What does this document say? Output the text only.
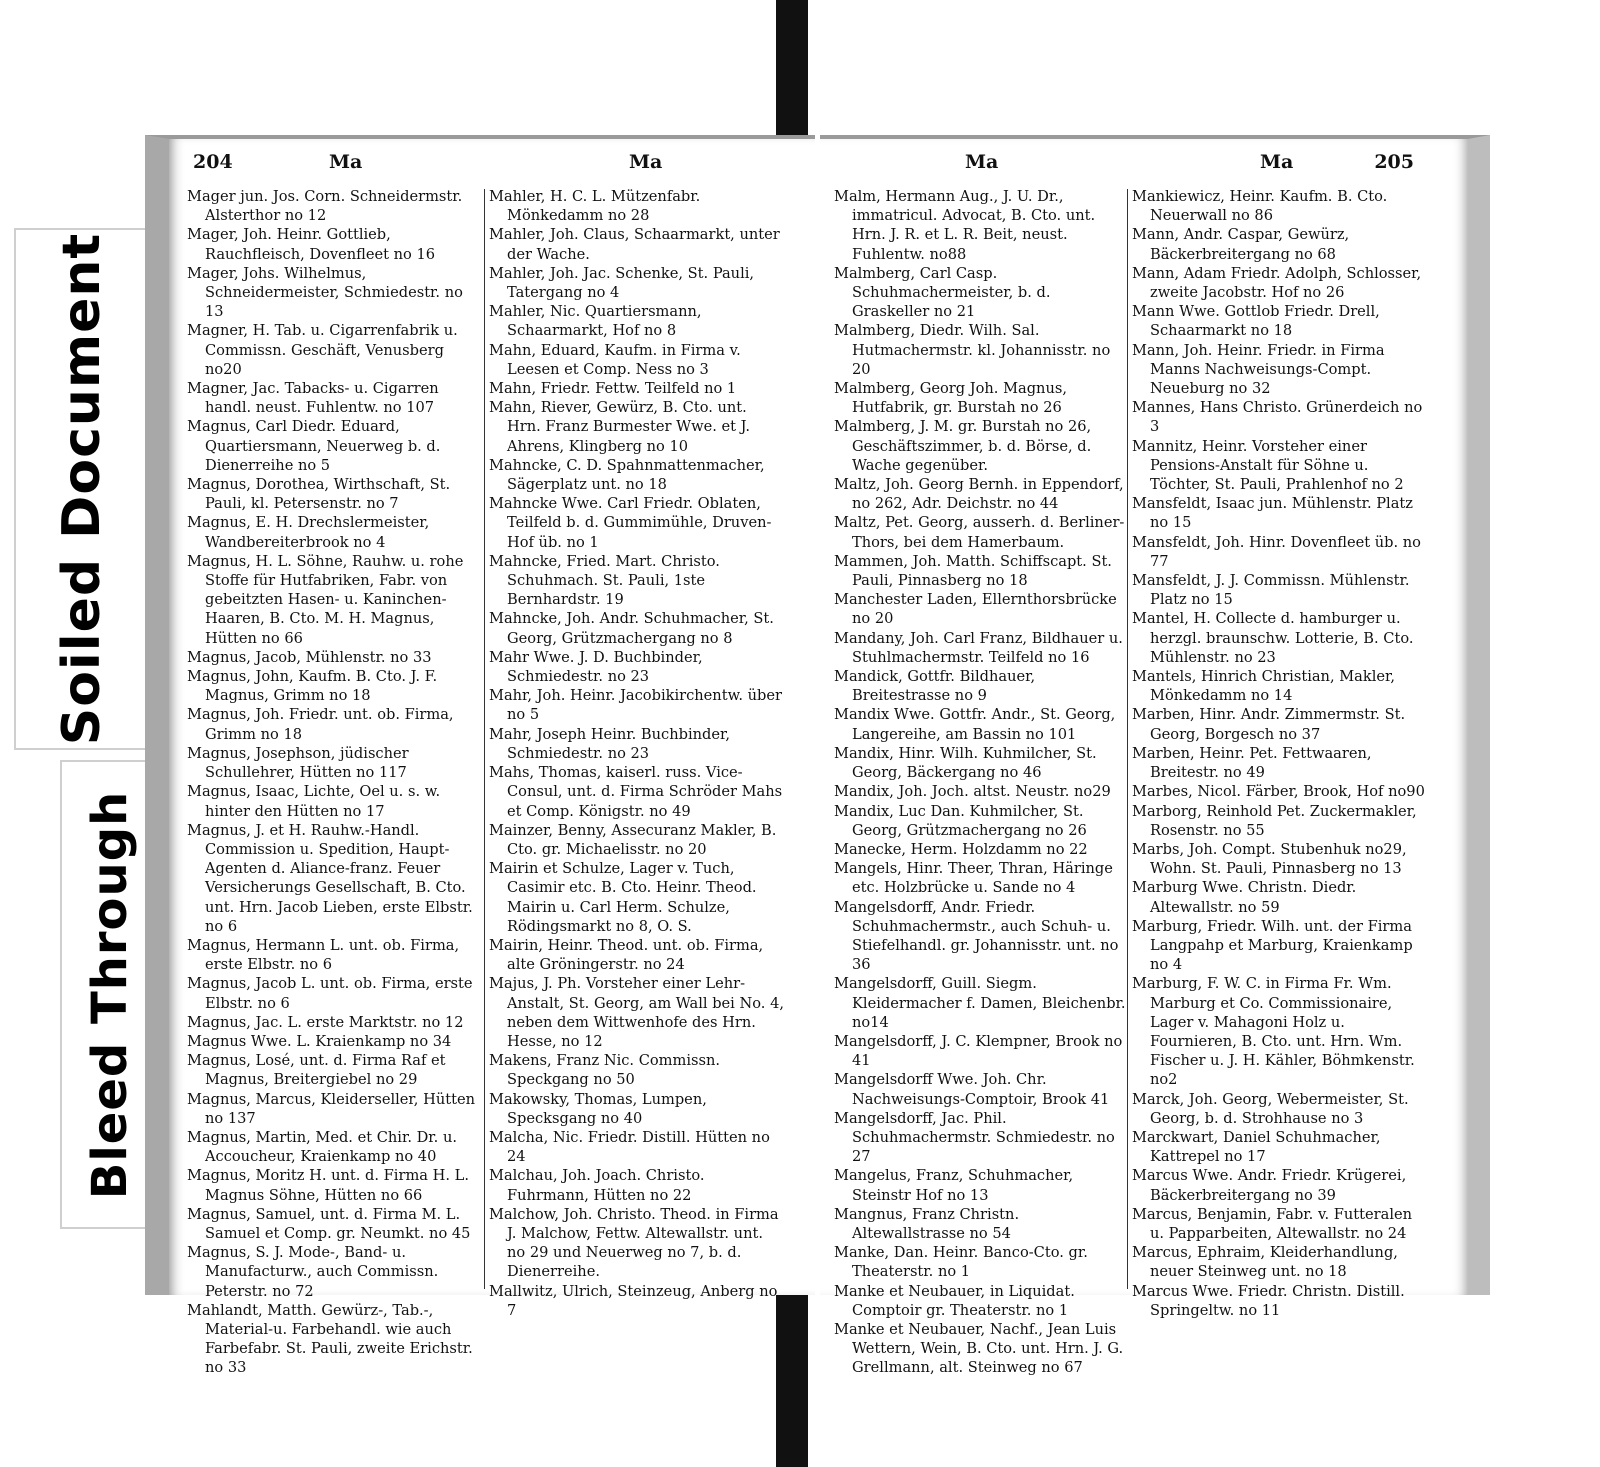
Soiled Document
Bleed Through
204	Ma	Ma
Mager jun. Jos. Corn. Schneidermstr. Alsterthor no 12
Mager, Joh. Heinr. Gottlieb, Rauchfleisch, Dovenfleet no 16
Mager, Johs. Wilhelmus, Schneidermeister, Schmiedestr. no 13
Magner, H. Tab. u. Cigarrenfabrik u. Commissn. Geschäft, Venusberg no20
Magner, Jac. Tabacks- u. Cigarren handl. neust. Fuhlentw. no 107
Magnus, Carl Diedr. Eduard, Quartiersmann, Neuerweg b. d. Dienerreihe no 5
Magnus, Dorothea, Wirthschaft, St. Pauli, kl. Petersenstr. no 7
Magnus, E. H. Drechslermeister, Wandbereiterbrook no 4
Magnus, H. L. Söhne, Rauhw. u. rohe Stoffe für Hutfabriken, Fabr. von gebeitzten Hasen- u. Kaninchen-Haaren, B. Cto. M. H. Magnus, Hütten no 66
Magnus, Jacob, Mühlenstr. no 33
Magnus, John, Kaufm. B. Cto. J. F. Magnus, Grimm no 18
Magnus, Joh. Friedr. unt. ob. Firma, Grimm no 18
Magnus, Josephson, jüdischer Schullehrer, Hütten no 117
Magnus, Isaac, Lichte, Oel u. s. w. hinter den Hütten no 17
Magnus, J. et H. Rauhw.-Handl. Commission u. Spedition, Haupt-Agenten d. Aliance-franz. Feuer Versicherungs Gesellschaft, B. Cto. unt. Hrn. Jacob Lieben, erste Elbstr. no 6
Magnus, Hermann L. unt. ob. Firma, erste Elbstr. no 6
Magnus, Jacob L. unt. ob. Firma, erste Elbstr. no 6
Magnus, Jac. L. erste Marktstr. no 12
Magnus Wwe. L. Kraienkamp no 34
Magnus, Losé, unt. d. Firma Raf et Magnus, Breitergiebel no 29
Magnus, Marcus, Kleiderseller, Hütten no 137
Magnus, Martin, Med. et Chir. Dr. u. Accoucheur, Kraienkamp no 40
Magnus, Moritz H. unt. d. Firma H. L. Magnus Söhne, Hütten no 66
Magnus, Samuel, unt. d. Firma M. L. Samuel et Comp. gr. Neumkt. no 45
Magnus, S. J. Mode-, Band- u. Manufacturw., auch Commissn. Peterstr. no 72
Mahlandt, Matth. Gewürz-, Tab.-, Material-u. Farbehandl. wie auch Farbefabr. St. Pauli, zweite Erichstr. no 33
Mahler, H. C. L. Mützenfabr. Mönkedamm no 28
Mahler, Joh. Claus, Schaarmarkt, unter der Wache.
Mahler, Joh. Jac. Schenke, St. Pauli, Tatergang no 4
Mahler, Nic. Quartiersmann, Schaarmarkt, Hof no 8
Mahn, Eduard, Kaufm. in Firma v. Leesen et Comp. Ness no 3
Mahn, Friedr. Fettw. Teilfeld no 1
Mahn, Riever, Gewürz, B. Cto. unt. Hrn. Franz Burmester Wwe. et J. Ahrens, Klingberg no 10
Mahncke, C. D. Spahnmattenmacher, Sägerplatz unt. no 18
Mahncke Wwe. Carl Friedr. Oblaten, Teilfeld b. d. Gummimühle, Druven-Hof üb. no 1
Mahncke, Fried. Mart. Christo. Schuhmach. St. Pauli, 1ste Bernhardstr. 19
Mahncke, Joh. Andr. Schuhmacher, St. Georg, Grützmachergang no 8
Mahr Wwe. J. D. Buchbinder, Schmiedestr. no 23
Mahr, Joh. Heinr. Jacobikirchentw. über no 5
Mahr, Joseph Heinr. Buchbinder, Schmiedestr. no 23
Mahs, Thomas, kaiserl. russ. Vice-Consul, unt. d. Firma Schröder Mahs et Comp. Königstr. no 49
Mainzer, Benny, Assecuranz Makler, B. Cto. gr. Michaelisstr. no 20
Mairin et Schulze, Lager v. Tuch, Casimir etc. B. Cto. Heinr. Theod. Mairin u. Carl Herm. Schulze, Rödingsmarkt no 8, O. S.
Mairin, Heinr. Theod. unt. ob. Firma, alte Gröningerstr. no 24
Majus, J. Ph. Vorsteher einer Lehr-Anstalt, St. Georg, am Wall bei No. 4, neben dem Wittwenhofe des Hrn. Hesse, no 12
Makens, Franz Nic. Commissn. Speckgang no 50
Makowsky, Thomas, Lumpen, Specksgang no 40
Malcha, Nic. Friedr. Distill. Hütten no 24
Malchau, Joh. Joach. Christo. Fuhrmann, Hütten no 22
Malchow, Joh. Christo. Theod. in Firma J. Malchow, Fettw. Altewallstr. unt. no 29 und Neuerweg no 7, b. d. Dienerreihe.
Mallwitz, Ulrich, Steinzeug, Anberg no 7
Ma	Ma	205
Malm, Hermann Aug., J. U. Dr., immatricul. Advocat, B. Cto. unt. Hrn. J. R. et L. R. Beit, neust. Fuhlentw. no88
Malmberg, Carl Casp. Schuhmachermeister, b. d. Graskeller no 21
Malmberg, Diedr. Wilh. Sal. Hutmachermstr. kl. Johannisstr. no 20
Malmberg, Georg Joh. Magnus, Hutfabrik, gr. Burstah no 26
Malmberg, J. M. gr. Burstah no 26, Geschäftszimmer, b. d. Börse, d. Wache gegenüber.
Maltz, Joh. Georg Bernh. in Eppendorf, no 262, Adr. Deichstr. no 44
Maltz, Pet. Georg, ausserh. d. Berliner-Thors, bei dem Hamerbaum.
Mammen, Joh. Matth. Schiffscapt. St. Pauli, Pinnasberg no 18
Manchester Laden, Ellernthorsbrücke no 20
Mandany, Joh. Carl Franz, Bildhauer u. Stuhlmachermstr. Teilfeld no 16
Mandick, Gottfr. Bildhauer, Breitestrasse no 9
Mandix Wwe. Gottfr. Andr., St. Georg, Langereihe, am Bassin no 101
Mandix, Hinr. Wilh. Kuhmilcher, St. Georg, Bäckergang no 46
Mandix, Joh. Joch. altst. Neustr. no29
Mandix, Luc Dan. Kuhmilcher, St. Georg, Grützmachergang no 26
Manecke, Herm. Holzdamm no 22
Mangels, Hinr. Theer, Thran, Häringe etc. Holzbrücke u. Sande no 4
Mangelsdorff, Andr. Friedr. Schuhmachermstr., auch Schuh- u. Stiefelhandl. gr. Johannisstr. unt. no 36
Mangelsdorff, Guill. Siegm. Kleidermacher f. Damen, Bleichenbr. no14
Mangelsdorff, J. C. Klempner, Brook no 41
Mangelsdorff Wwe. Joh. Chr. Nachweisungs-Comptoir, Brook 41
Mangelsdorff, Jac. Phil. Schuhmachermstr. Schmiedestr. no 27
Mangelus, Franz, Schuhmacher, Steinstr Hof no 13
Mangnus, Franz Christn. Altewallstrasse no 54
Manke, Dan. Heinr. Banco-Cto. gr. Theaterstr. no 1
Manke et Neubauer, in Liquidat. Comptoir gr. Theaterstr. no 1
Manke et Neubauer, Nachf., Jean Luis Wettern, Wein, B. Cto. unt. Hrn. J. G. Grellmann, alt. Steinweg no 67
Mankiewicz, Heinr. Kaufm. B. Cto. Neuerwall no 86
Mann, Andr. Caspar, Gewürz, Bäckerbreitergang no 68
Mann, Adam Friedr. Adolph, Schlosser, zweite Jacobstr. Hof no 26
Mann Wwe. Gottlob Friedr. Drell, Schaarmarkt no 18
Mann, Joh. Heinr. Friedr. in Firma Manns Nachweisungs-Compt. Neueburg no 32
Mannes, Hans Christo. Grünerdeich no 3
Mannitz, Heinr. Vorsteher einer Pensions-Anstalt für Söhne u. Töchter, St. Pauli, Prahlenhof no 2
Mansfeldt, Isaac jun. Mühlenstr. Platz no 15
Mansfeldt, Joh. Hinr. Dovenfleet üb. no 77
Mansfeldt, J. J. Commissn. Mühlenstr. Platz no 15
Mantel, H. Collecte d. hamburger u. herzgl. braunschw. Lotterie, B. Cto. Mühlenstr. no 23
Mantels, Hinrich Christian, Makler, Mönkedamm no 14
Marben, Hinr. Andr. Zimmermstr. St. Georg, Borgesch no 37
Marben, Heinr. Pet. Fettwaaren, Breitestr. no 49
Marbes, Nicol. Färber, Brook, Hof no90
Marborg, Reinhold Pet. Zuckermakler, Rosenstr. no 55
Marbs, Joh. Compt. Stubenhuk no29, Wohn. St. Pauli, Pinnasberg no 13
Marburg Wwe. Christn. Diedr. Altewallstr. no 59
Marburg, Friedr. Wilh. unt. der Firma Langpahp et Marburg, Kraienkamp no 4
Marburg, F. W. C. in Firma Fr. Wm. Marburg et Co. Commissionaire, Lager v. Mahagoni Holz u. Fournieren, B. Cto. unt. Hrn. Wm. Fischer u. J. H. Kähler, Böhmkenstr. no2
Marck, Joh. Georg, Webermeister, St. Georg, b. d. Strohhause no 3
Marckwart, Daniel Schuhmacher, Kattrepel no 17
Marcus Wwe. Andr. Friedr. Krügerei, Bäckerbreitergang no 39
Marcus, Benjamin, Fabr. v. Futteralen u. Papparbeiten, Altewallstr. no 24
Marcus, Ephraim, Kleiderhandlung, neuer Steinweg unt. no 18
Marcus Wwe. Friedr. Christn. Distill. Springeltw. no 11
